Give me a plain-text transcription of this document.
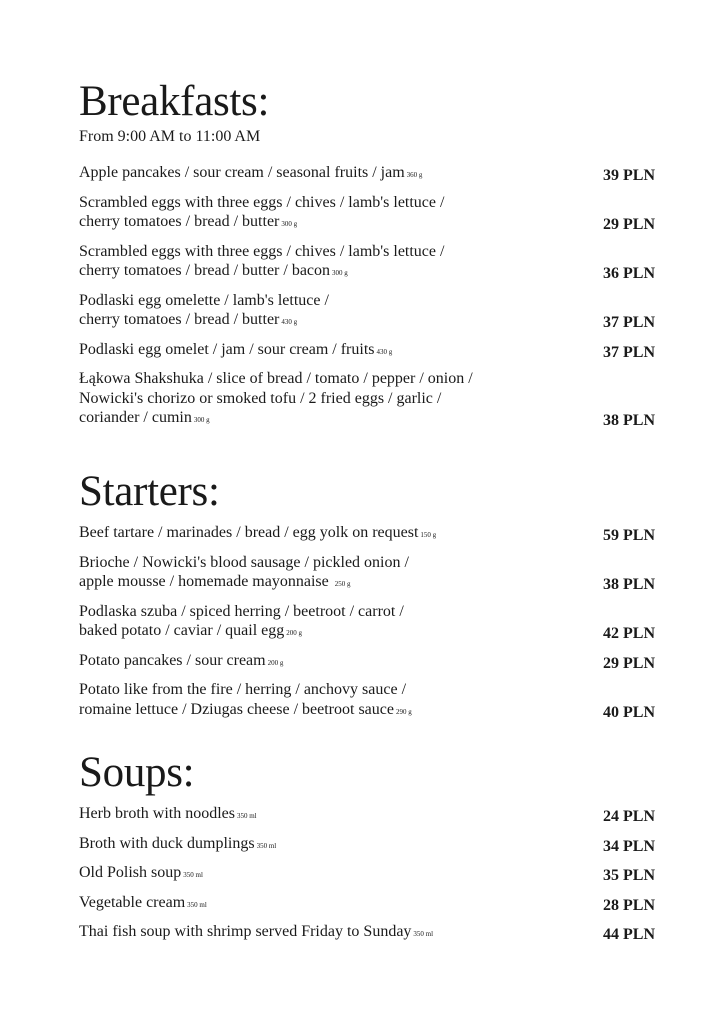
Breakfasts:
From 9:00 AM to 11:00 AM
Apple pancakes / sour cream / seasonal fruits / jam 360 g	39 PLN
Scrambled eggs with three eggs / chives / lamb's lettuce /
cherry tomatoes / bread / butter 300 g	29 PLN
Scrambled eggs with three eggs / chives / lamb's lettuce /
cherry tomatoes / bread / butter / bacon 300 g	36 PLN
Podlaski egg omelette / lamb's lettuce /
cherry tomatoes / bread / butter 430 g	37 PLN
Podlaski egg omelet / jam / sour cream / fruits 430 g	37 PLN
Łąkowa Shakshuka / slice of bread / tomato / pepper / onion /
Nowicki's chorizo or smoked tofu / 2 fried eggs / garlic /
coriander / cumin 300 g	38 PLN
Starters:
Beef tartare / marinades / bread / egg yolk on request 150 g	59 PLN
Brioche / Nowicki's blood sausage / pickled onion /
apple mousse / homemade mayonnaise 250 g	38 PLN
Podlaska szuba / spiced herring / beetroot / carrot /
baked potato / caviar / quail egg 200 g	42 PLN
Potato pancakes / sour cream 200 g	29 PLN
Potato like from the fire / herring / anchovy sauce /
romaine lettuce / Dziugas cheese / beetroot sauce 290 g	40 PLN
Soups:
Herb broth with noodles 350 ml	24 PLN
Broth with duck dumplings 350 ml	34 PLN
Old Polish soup 350 ml	35 PLN
Vegetable cream 350 ml	28 PLN
Thai fish soup with shrimp served Friday to Sunday 350 ml	44 PLN
